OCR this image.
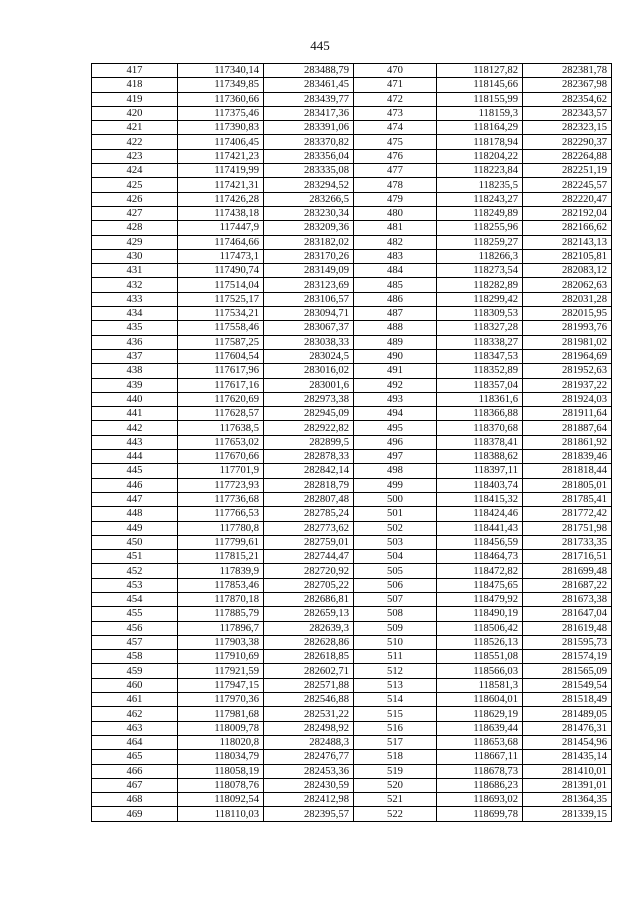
445
417	117340,14	283488,79	470	118127,82	282381,78
418	117349,85	283461,45	471	118145,66	282367,98
419	117360,66	283439,77	472	118155,99	282354,62
420	117375,46	283417,36	473	118159,3	282343,57
421	117390,83	283391,06	474	118164,29	282323,15
422	117406,45	283370,82	475	118178,94	282290,37
423	117421,23	283356,04	476	118204,22	282264,88
424	117419,99	283335,08	477	118223,84	282251,19
425	117421,31	283294,52	478	118235,5	282245,57
426	117426,28	283266,5	479	118243,27	282220,47
427	117438,18	283230,34	480	118249,89	282192,04
428	117447,9	283209,36	481	118255,96	282166,62
429	117464,66	283182,02	482	118259,27	282143,13
430	117473,1	283170,26	483	118266,3	282105,81
431	117490,74	283149,09	484	118273,54	282083,12
432	117514,04	283123,69	485	118282,89	282062,63
433	117525,17	283106,57	486	118299,42	282031,28
434	117534,21	283094,71	487	118309,53	282015,95
435	117558,46	283067,37	488	118327,28	281993,76
436	117587,25	283038,33	489	118338,27	281981,02
437	117604,54	283024,5	490	118347,53	281964,69
438	117617,96	283016,02	491	118352,89	281952,63
439	117617,16	283001,6	492	118357,04	281937,22
440	117620,69	282973,38	493	118361,6	281924,03
441	117628,57	282945,09	494	118366,88	281911,64
442	117638,5	282922,82	495	118370,68	281887,64
443	117653,02	282899,5	496	118378,41	281861,92
444	117670,66	282878,33	497	118388,62	281839,46
445	117701,9	282842,14	498	118397,11	281818,44
446	117723,93	282818,79	499	118403,74	281805,01
447	117736,68	282807,48	500	118415,32	281785,41
448	117766,53	282785,24	501	118424,46	281772,42
449	117780,8	282773,62	502	118441,43	281751,98
450	117799,61	282759,01	503	118456,59	281733,35
451	117815,21	282744,47	504	118464,73	281716,51
452	117839,9	282720,92	505	118472,82	281699,48
453	117853,46	282705,22	506	118475,65	281687,22
454	117870,18	282686,81	507	118479,92	281673,38
455	117885,79	282659,13	508	118490,19	281647,04
456	117896,7	282639,3	509	118506,42	281619,48
457	117903,38	282628,86	510	118526,13	281595,73
458	117910,69	282618,85	511	118551,08	281574,19
459	117921,59	282602,71	512	118566,03	281565,09
460	117947,15	282571,88	513	118581,3	281549,54
461	117970,36	282546,88	514	118604,01	281518,49
462	117981,68	282531,22	515	118629,19	281489,05
463	118009,78	282498,92	516	118639,44	281476,31
464	118020,8	282488,3	517	118653,68	281454,96
465	118034,79	282476,77	518	118667,11	281435,14
466	118058,19	282453,36	519	118678,73	281410,01
467	118078,76	282430,59	520	118686,23	281391,01
468	118092,54	282412,98	521	118693,02	281364,35
469	118110,03	282395,57	522	118699,78	281339,15
